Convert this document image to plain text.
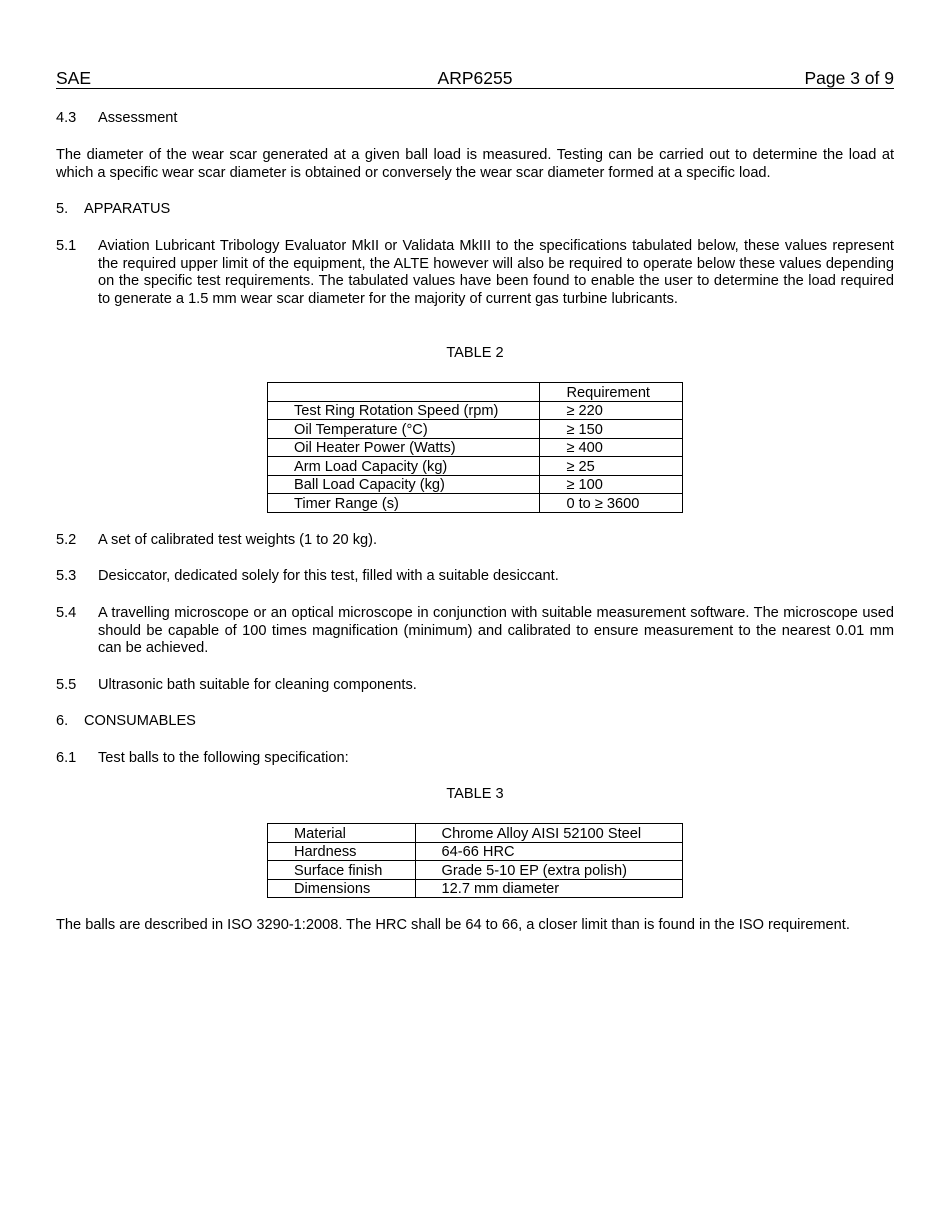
SAE	ARP6255	Page 3 of 9
4.3 Assessment
The diameter of the wear scar generated at a given ball load is measured. Testing can be carried out to determine the load at which a specific wear scar diameter is obtained or conversely the wear scar diameter formed at a specific load.
5. APPARATUS
5.1	Aviation Lubricant Tribology Evaluator MkII or Validata MkIII to the specifications tabulated below, these values represent the required upper limit of the equipment, the ALTE however will also be required to operate below these values depending on the specific test requirements. The tabulated values have been found to enable the user to determine the load required to generate a 1.5 mm wear scar diameter for the majority of current gas turbine lubricants.
TABLE 2
	Requirement
Test Ring Rotation Speed (rpm)	≥ 220
Oil Temperature (°C)	≥ 150
Oil Heater Power (Watts)	≥ 400
Arm Load Capacity (kg)	≥ 25
Ball Load Capacity (kg)	≥ 100
Timer Range (s)	0 to ≥ 3600
5.2	A set of calibrated test weights (1 to 20 kg).
5.3	Desiccator, dedicated solely for this test, filled with a suitable desiccant.
5.4	A travelling microscope or an optical microscope in conjunction with suitable measurement software. The microscope used should be capable of 100 times magnification (minimum) and calibrated to ensure measurement to the nearest 0.01 mm can be achieved.
5.5	Ultrasonic bath suitable for cleaning components.
6. CONSUMABLES
6.1	Test balls to the following specification:
TABLE 3
Material	Chrome Alloy AISI 52100 Steel
Hardness	64-66 HRC
Surface finish	Grade 5-10 EP (extra polish)
Dimensions	12.7 mm diameter
The balls are described in ISO 3290-1:2008. The HRC shall be 64 to 66, a closer limit than is found in the ISO requirement.
